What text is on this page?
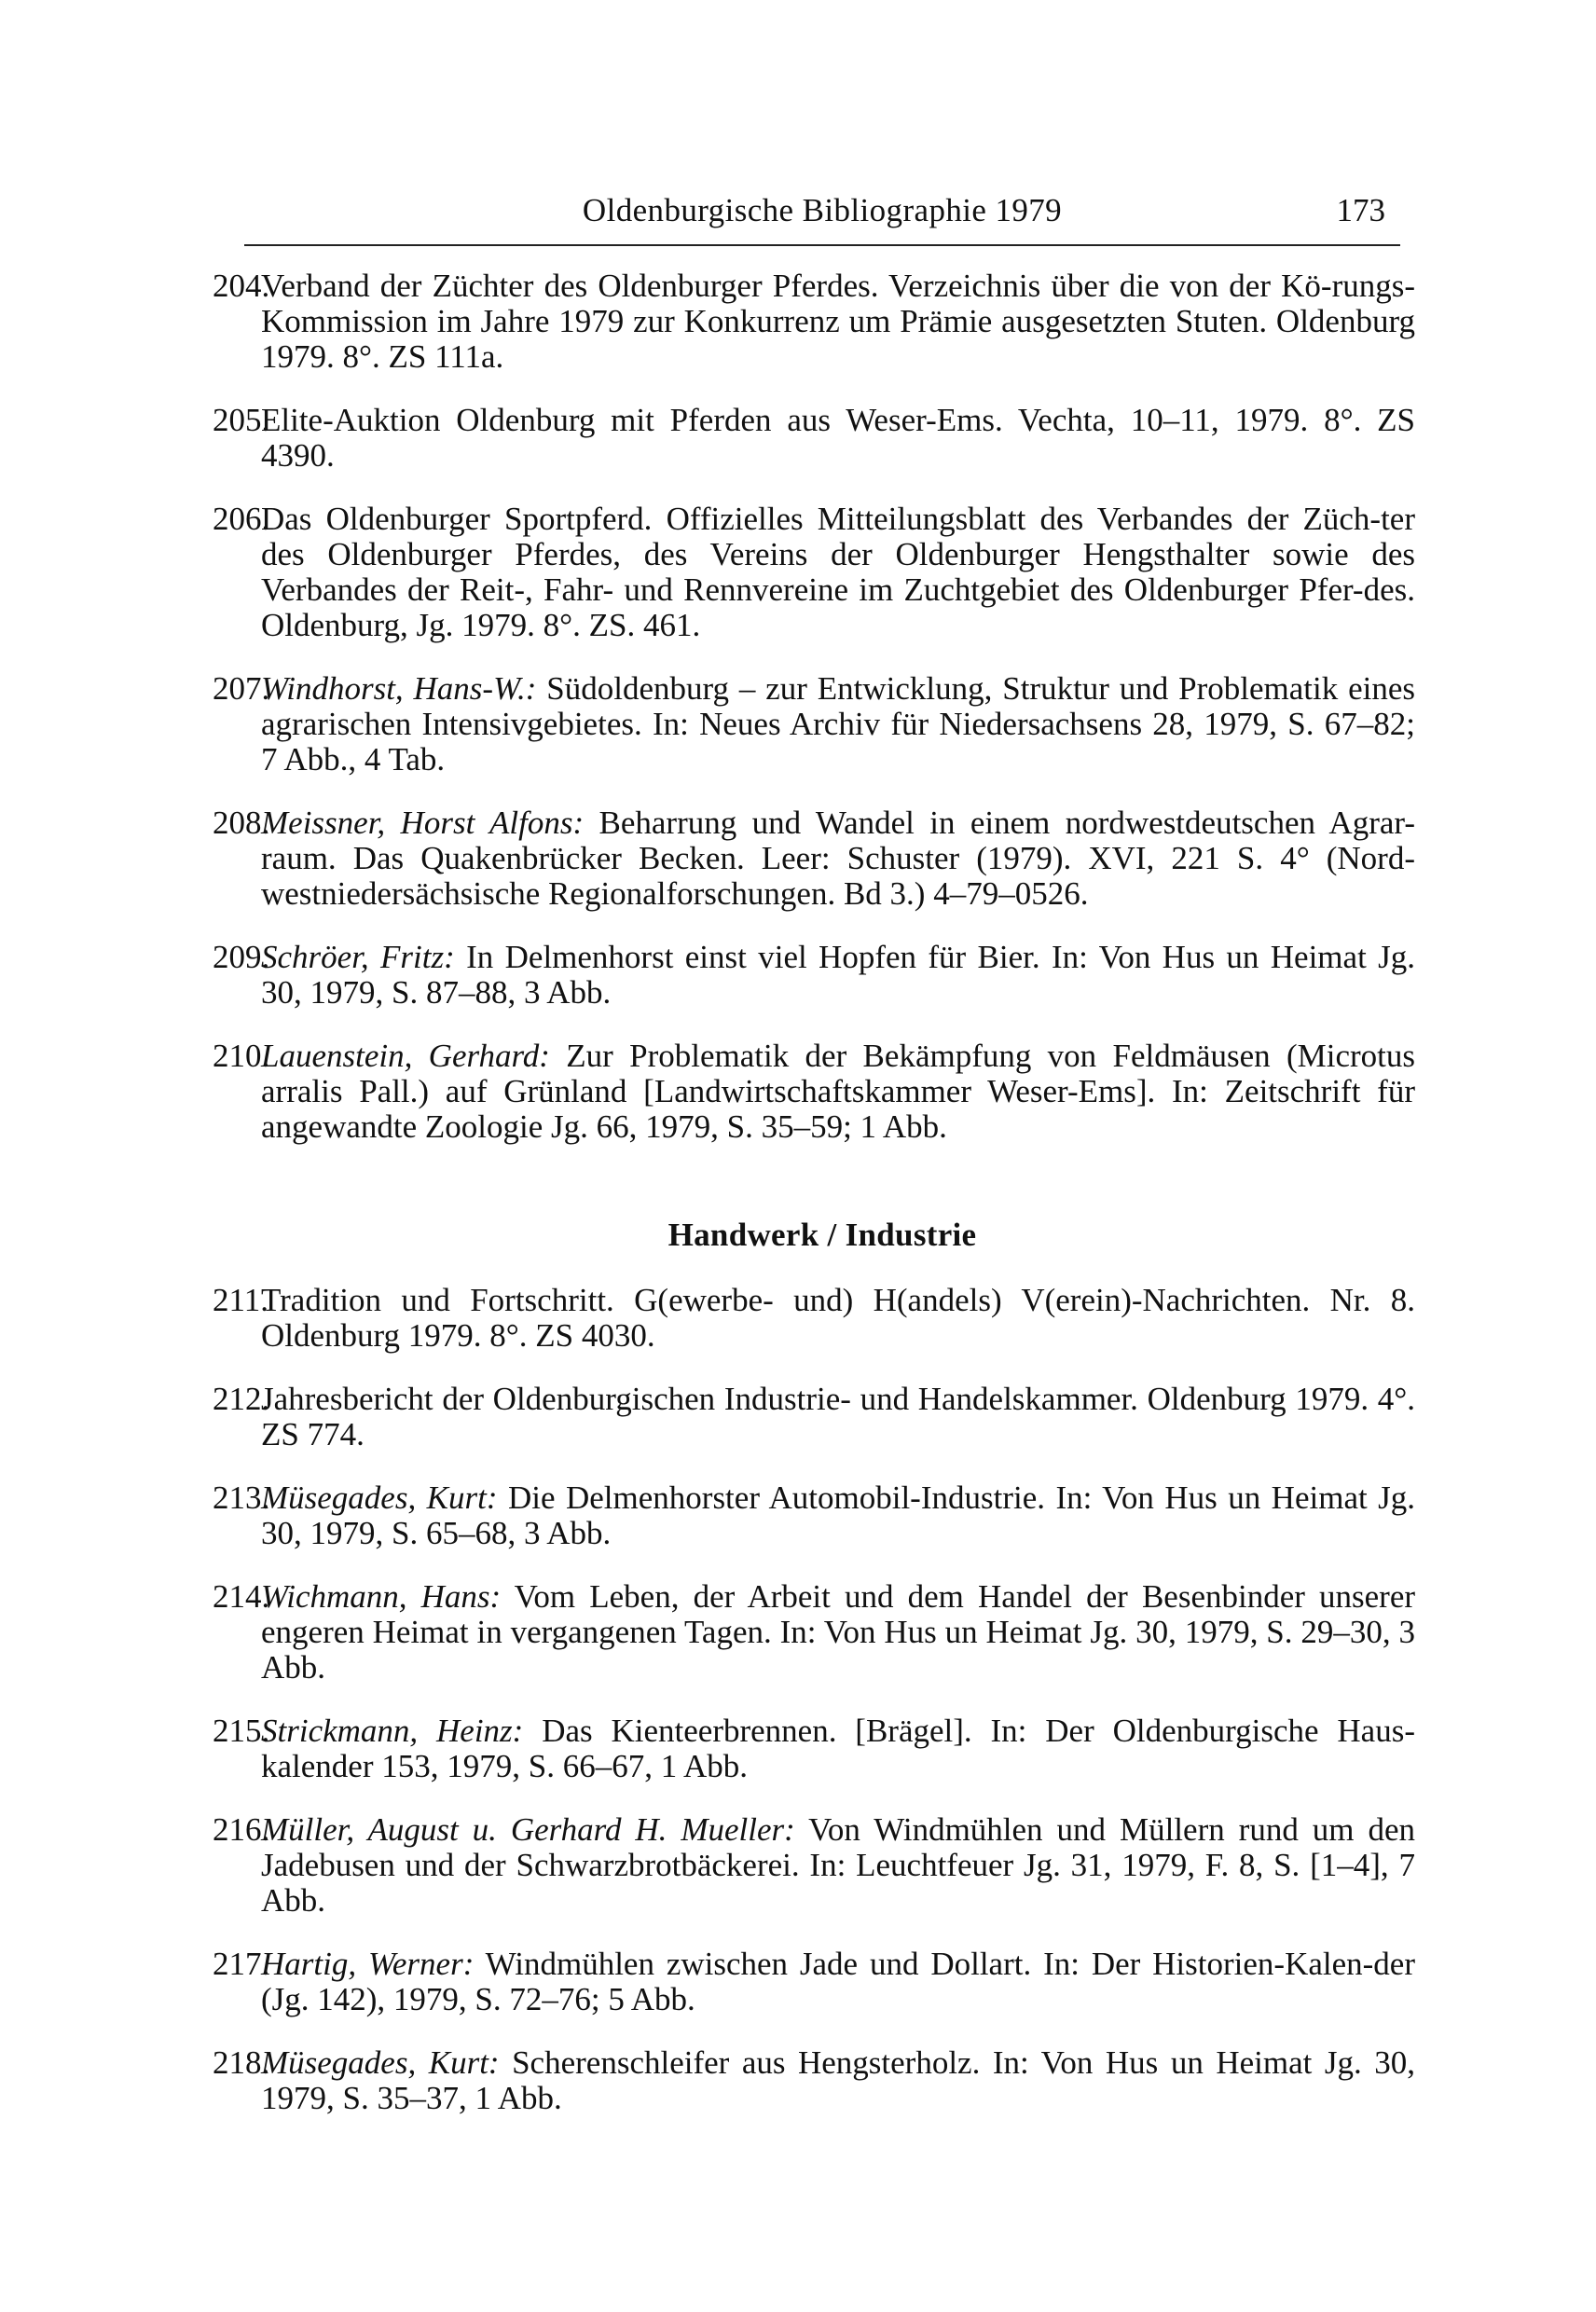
Oldenburgische Bibliographie 1979	173
204.
Verband der Züchter des Oldenburger Pferdes. Verzeichnis über die von der Kö-rungs-Kommission im Jahre 1979 zur Konkurrenz um Prämie ausgesetzten Stuten. Oldenburg 1979. 8°. ZS 111a.
205.
Elite-Auktion Oldenburg mit Pferden aus Weser-Ems. Vechta, 10–11, 1979. 8°. ZS 4390.
206.
Das Oldenburger Sportpferd. Offizielles Mitteilungsblatt des Verbandes der Züch-ter des Oldenburger Pferdes, des Vereins der Oldenburger Hengsthalter sowie des Verbandes der Reit-, Fahr- und Rennvereine im Zuchtgebiet des Oldenburger Pfer-des. Oldenburg, Jg. 1979. 8°. ZS. 461.
207.
Windhorst, Hans-W.: Südoldenburg – zur Entwicklung, Struktur und Problematik eines agrarischen Intensivgebietes. In: Neues Archiv für Niedersachsens 28, 1979, S. 67–82; 7 Abb., 4 Tab.
208.
Meissner, Horst Alfons: Beharrung und Wandel in einem nordwestdeutschen Agrar-raum. Das Quakenbrücker Becken. Leer: Schuster (1979). XVI, 221 S. 4° (Nord-westniedersächsische Regionalforschungen. Bd 3.) 4–79–0526.
209.
Schröer, Fritz: In Delmenhorst einst viel Hopfen für Bier. In: Von Hus un Heimat Jg. 30, 1979, S. 87–88, 3 Abb.
210.
Lauenstein, Gerhard: Zur Problematik der Bekämpfung von Feldmäusen (Microtus arralis Pall.) auf Grünland [Landwirtschaftskammer Weser-Ems]. In: Zeitschrift für angewandte Zoologie Jg. 66, 1979, S. 35–59; 1 Abb.
Handwerk / Industrie
211.
Tradition und Fortschritt. G(ewerbe- und) H(andels) V(erein)-Nachrichten. Nr. 8. Oldenburg 1979. 8°. ZS 4030.
212.
Jahresbericht der Oldenburgischen Industrie- und Handelskammer. Oldenburg 1979. 4°. ZS 774.
213.
Müsegades, Kurt: Die Delmenhorster Automobil-Industrie. In: Von Hus un Heimat Jg. 30, 1979, S. 65–68, 3 Abb.
214.
Wichmann, Hans: Vom Leben, der Arbeit und dem Handel der Besenbinder unserer engeren Heimat in vergangenen Tagen. In: Von Hus un Heimat Jg. 30, 1979, S. 29–30, 3 Abb.
215.
Strickmann, Heinz: Das Kienteerbrennen. [Brägel]. In: Der Oldenburgische Haus-kalender 153, 1979, S. 66–67, 1 Abb.
216.
Müller, August u. Gerhard H. Mueller: Von Windmühlen und Müllern rund um den Jadebusen und der Schwarzbrotbäckerei. In: Leuchtfeuer Jg. 31, 1979, F. 8, S. [1–4], 7 Abb.
217.
Hartig, Werner: Windmühlen zwischen Jade und Dollart. In: Der Historien-Kalen-der (Jg. 142), 1979, S. 72–76; 5 Abb.
218.
Müsegades, Kurt: Scherenschleifer aus Hengsterholz. In: Von Hus un Heimat Jg. 30, 1979, S. 35–37, 1 Abb.
